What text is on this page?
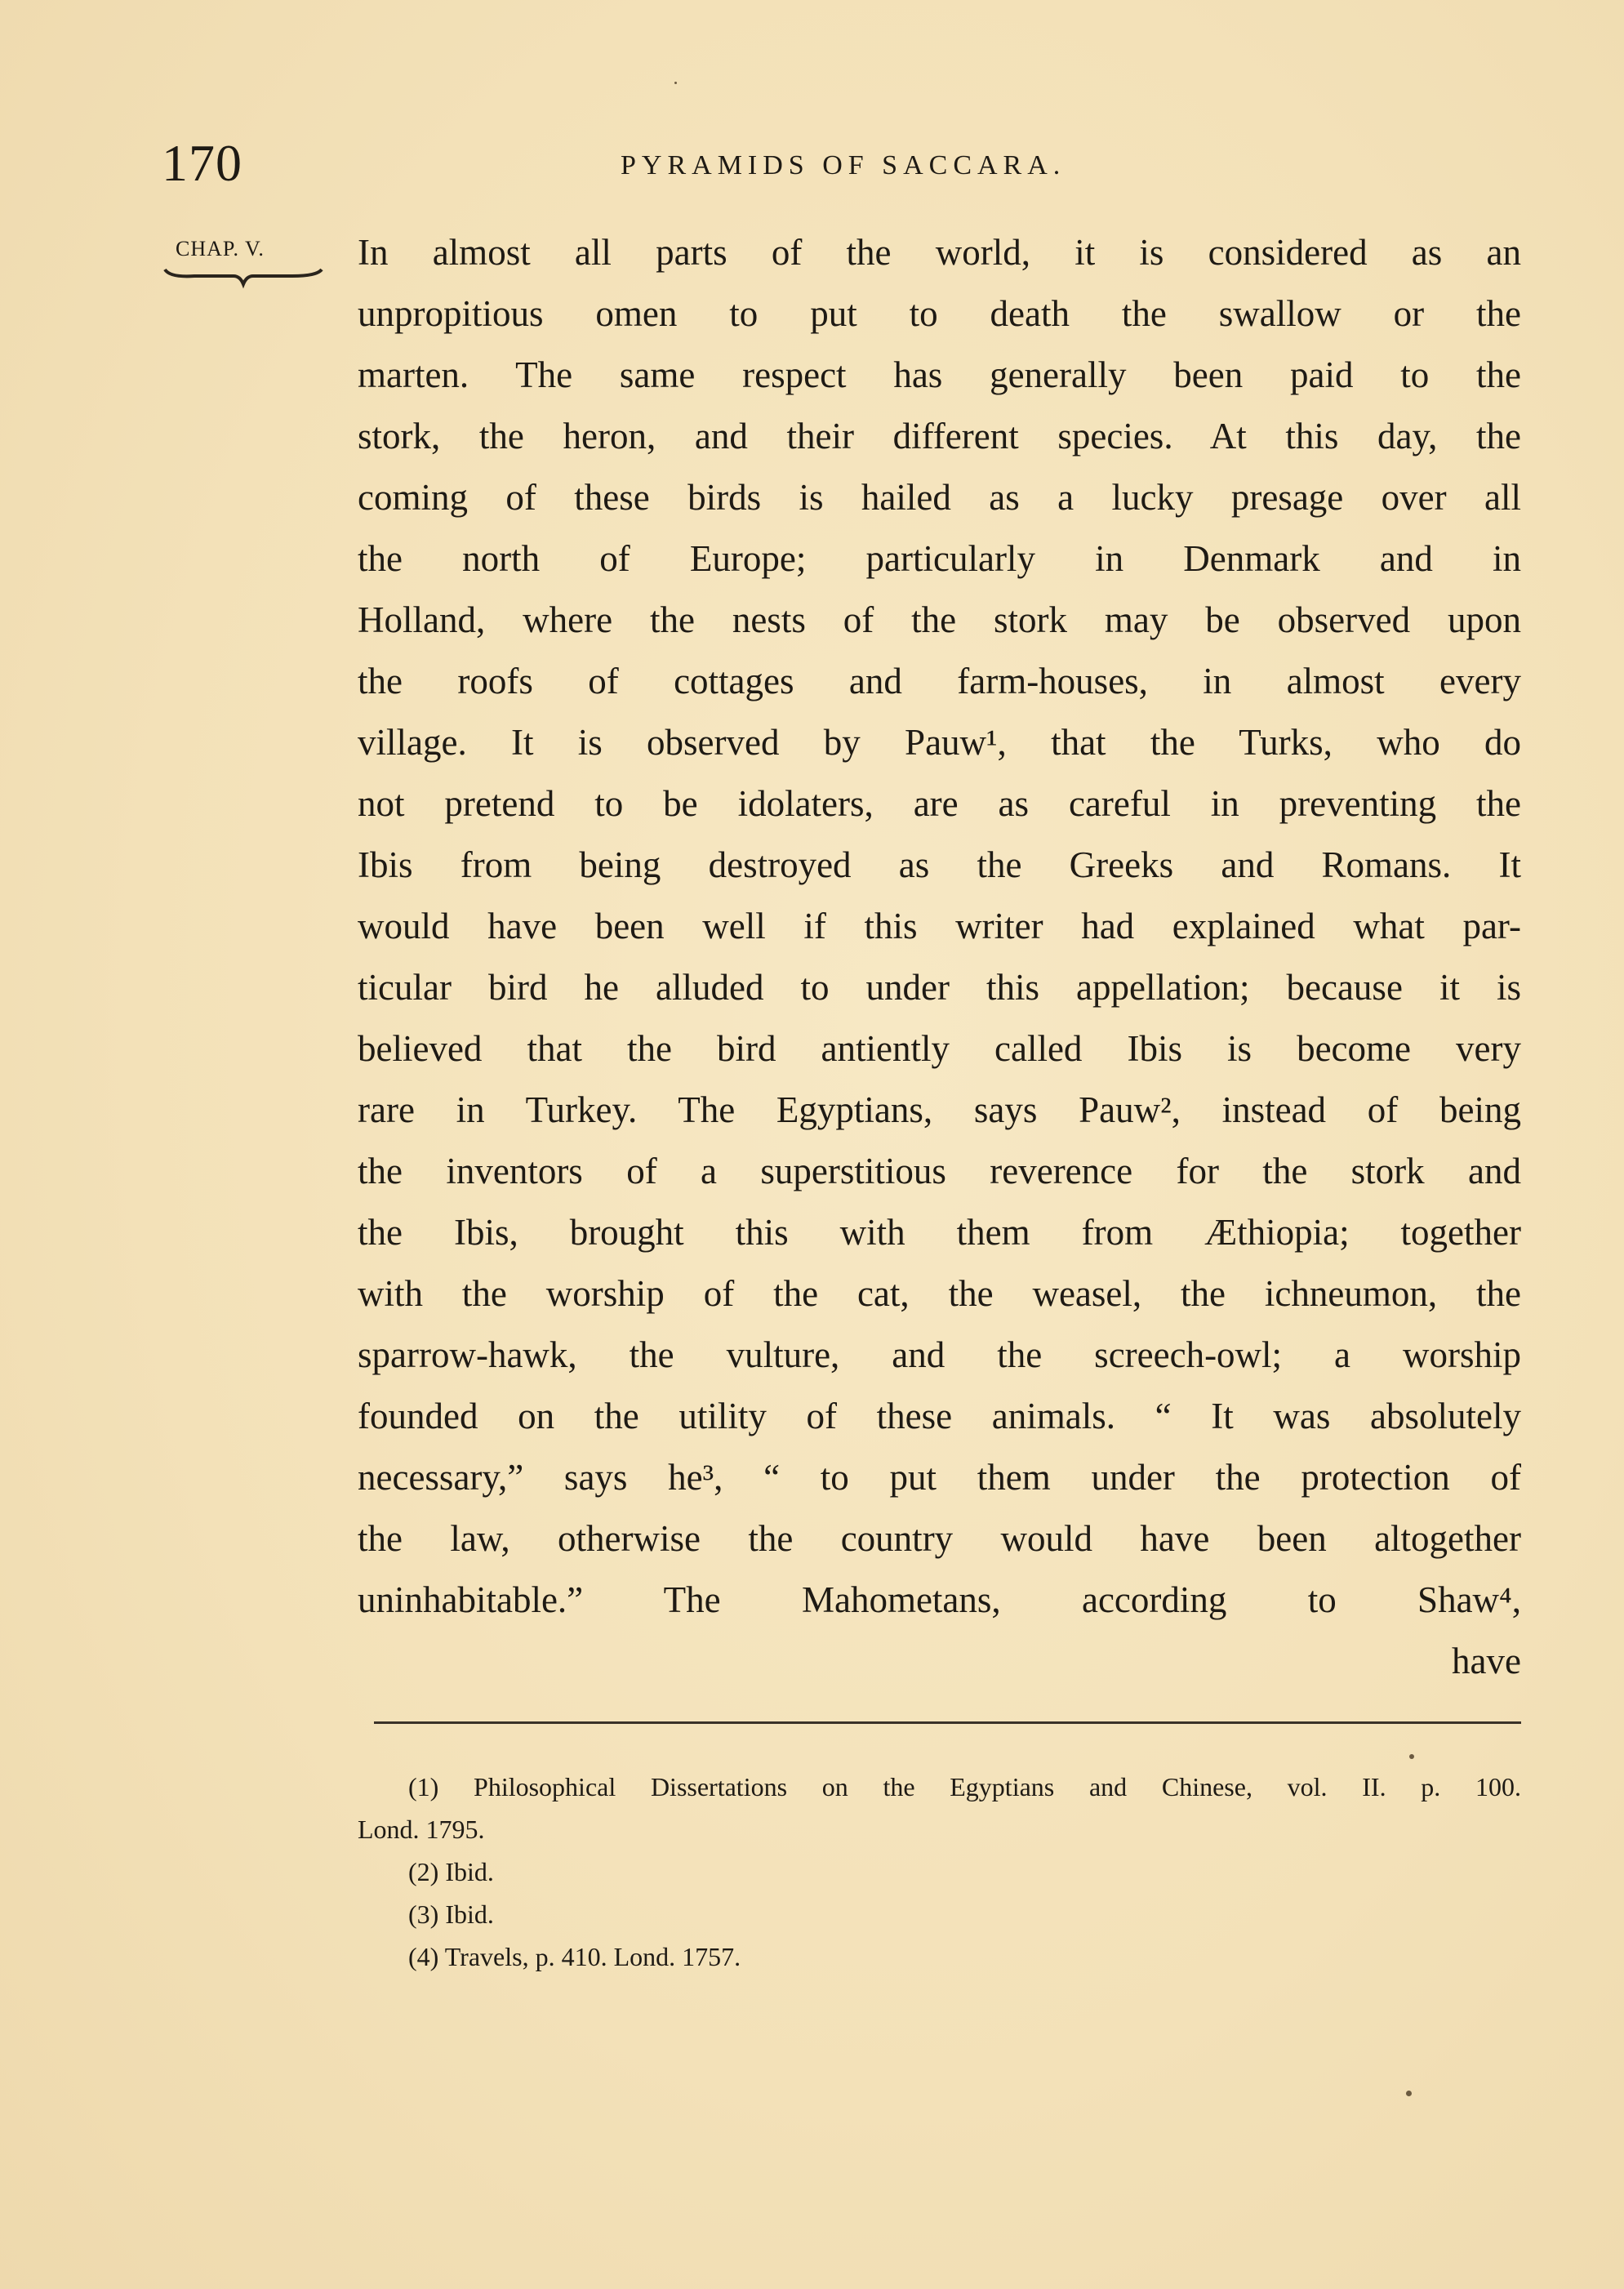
170	PYRAMIDS OF SACCARA.
CHAP. V.	In almost all parts of the world, it is considered as an
unpropitious omen to put to death the swallow or the
marten. The same respect has generally been paid to the
stork, the heron, and their different species. At this day, the
coming of these birds is hailed as a lucky presage over all
the north of Europe; particularly in Denmark and in
Holland, where the nests of the stork may be observed upon
the roofs of cottages and farm-houses, in almost every
village. It is observed by Pauw¹, that the Turks, who do
not pretend to be idolaters, are as careful in preventing the
Ibis from being destroyed as the Greeks and Romans. It
would have been well if this writer had explained what par-
ticular bird he alluded to under this appellation; because it is
believed that the bird antiently called Ibis is become very
rare in Turkey. The Egyptians, says Pauw², instead of being
the inventors of a superstitious reverence for the stork and
the Ibis, brought this with them from Æthiopia; together
with the worship of the cat, the weasel, the ichneumon, the
sparrow-hawk, the vulture, and the screech-owl; a worship
founded on the utility of these animals. “ It was absolutely
necessary,” says he³, “ to put them under the protection of
the law, otherwise the country would have been altogether
uninhabitable.” The Mahometans, according to Shaw⁴,
have
(1) Philosophical Dissertations on the Egyptians and Chinese, vol. II. p. 100.
Lond. 1795.
(2) Ibid.
(3) Ibid.
(4) Travels, p. 410. Lond. 1757.
